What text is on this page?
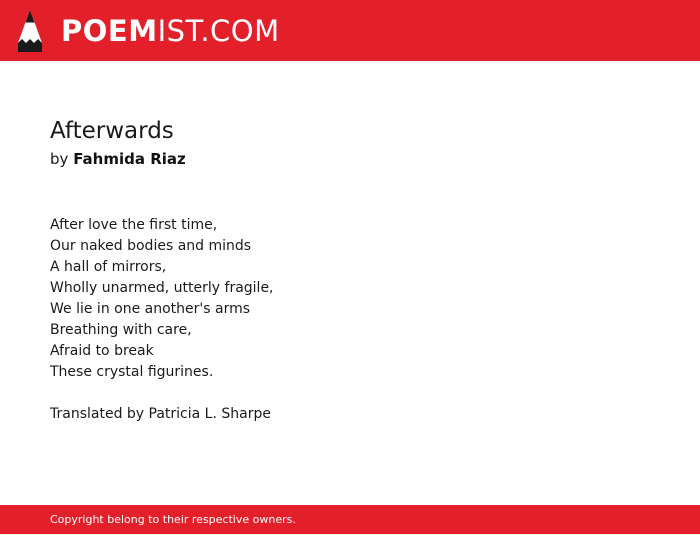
POEMIST.COM
Afterwards
by Fahmida Riaz
After love the first time,
Our naked bodies and minds
A hall of mirrors,
Wholly unarmed, utterly fragile,
We lie in one another's arms
Breathing with care,
Afraid to break
These crystal figurines.
Translated by Patricia L. Sharpe
Copyright belong to their respective owners.
